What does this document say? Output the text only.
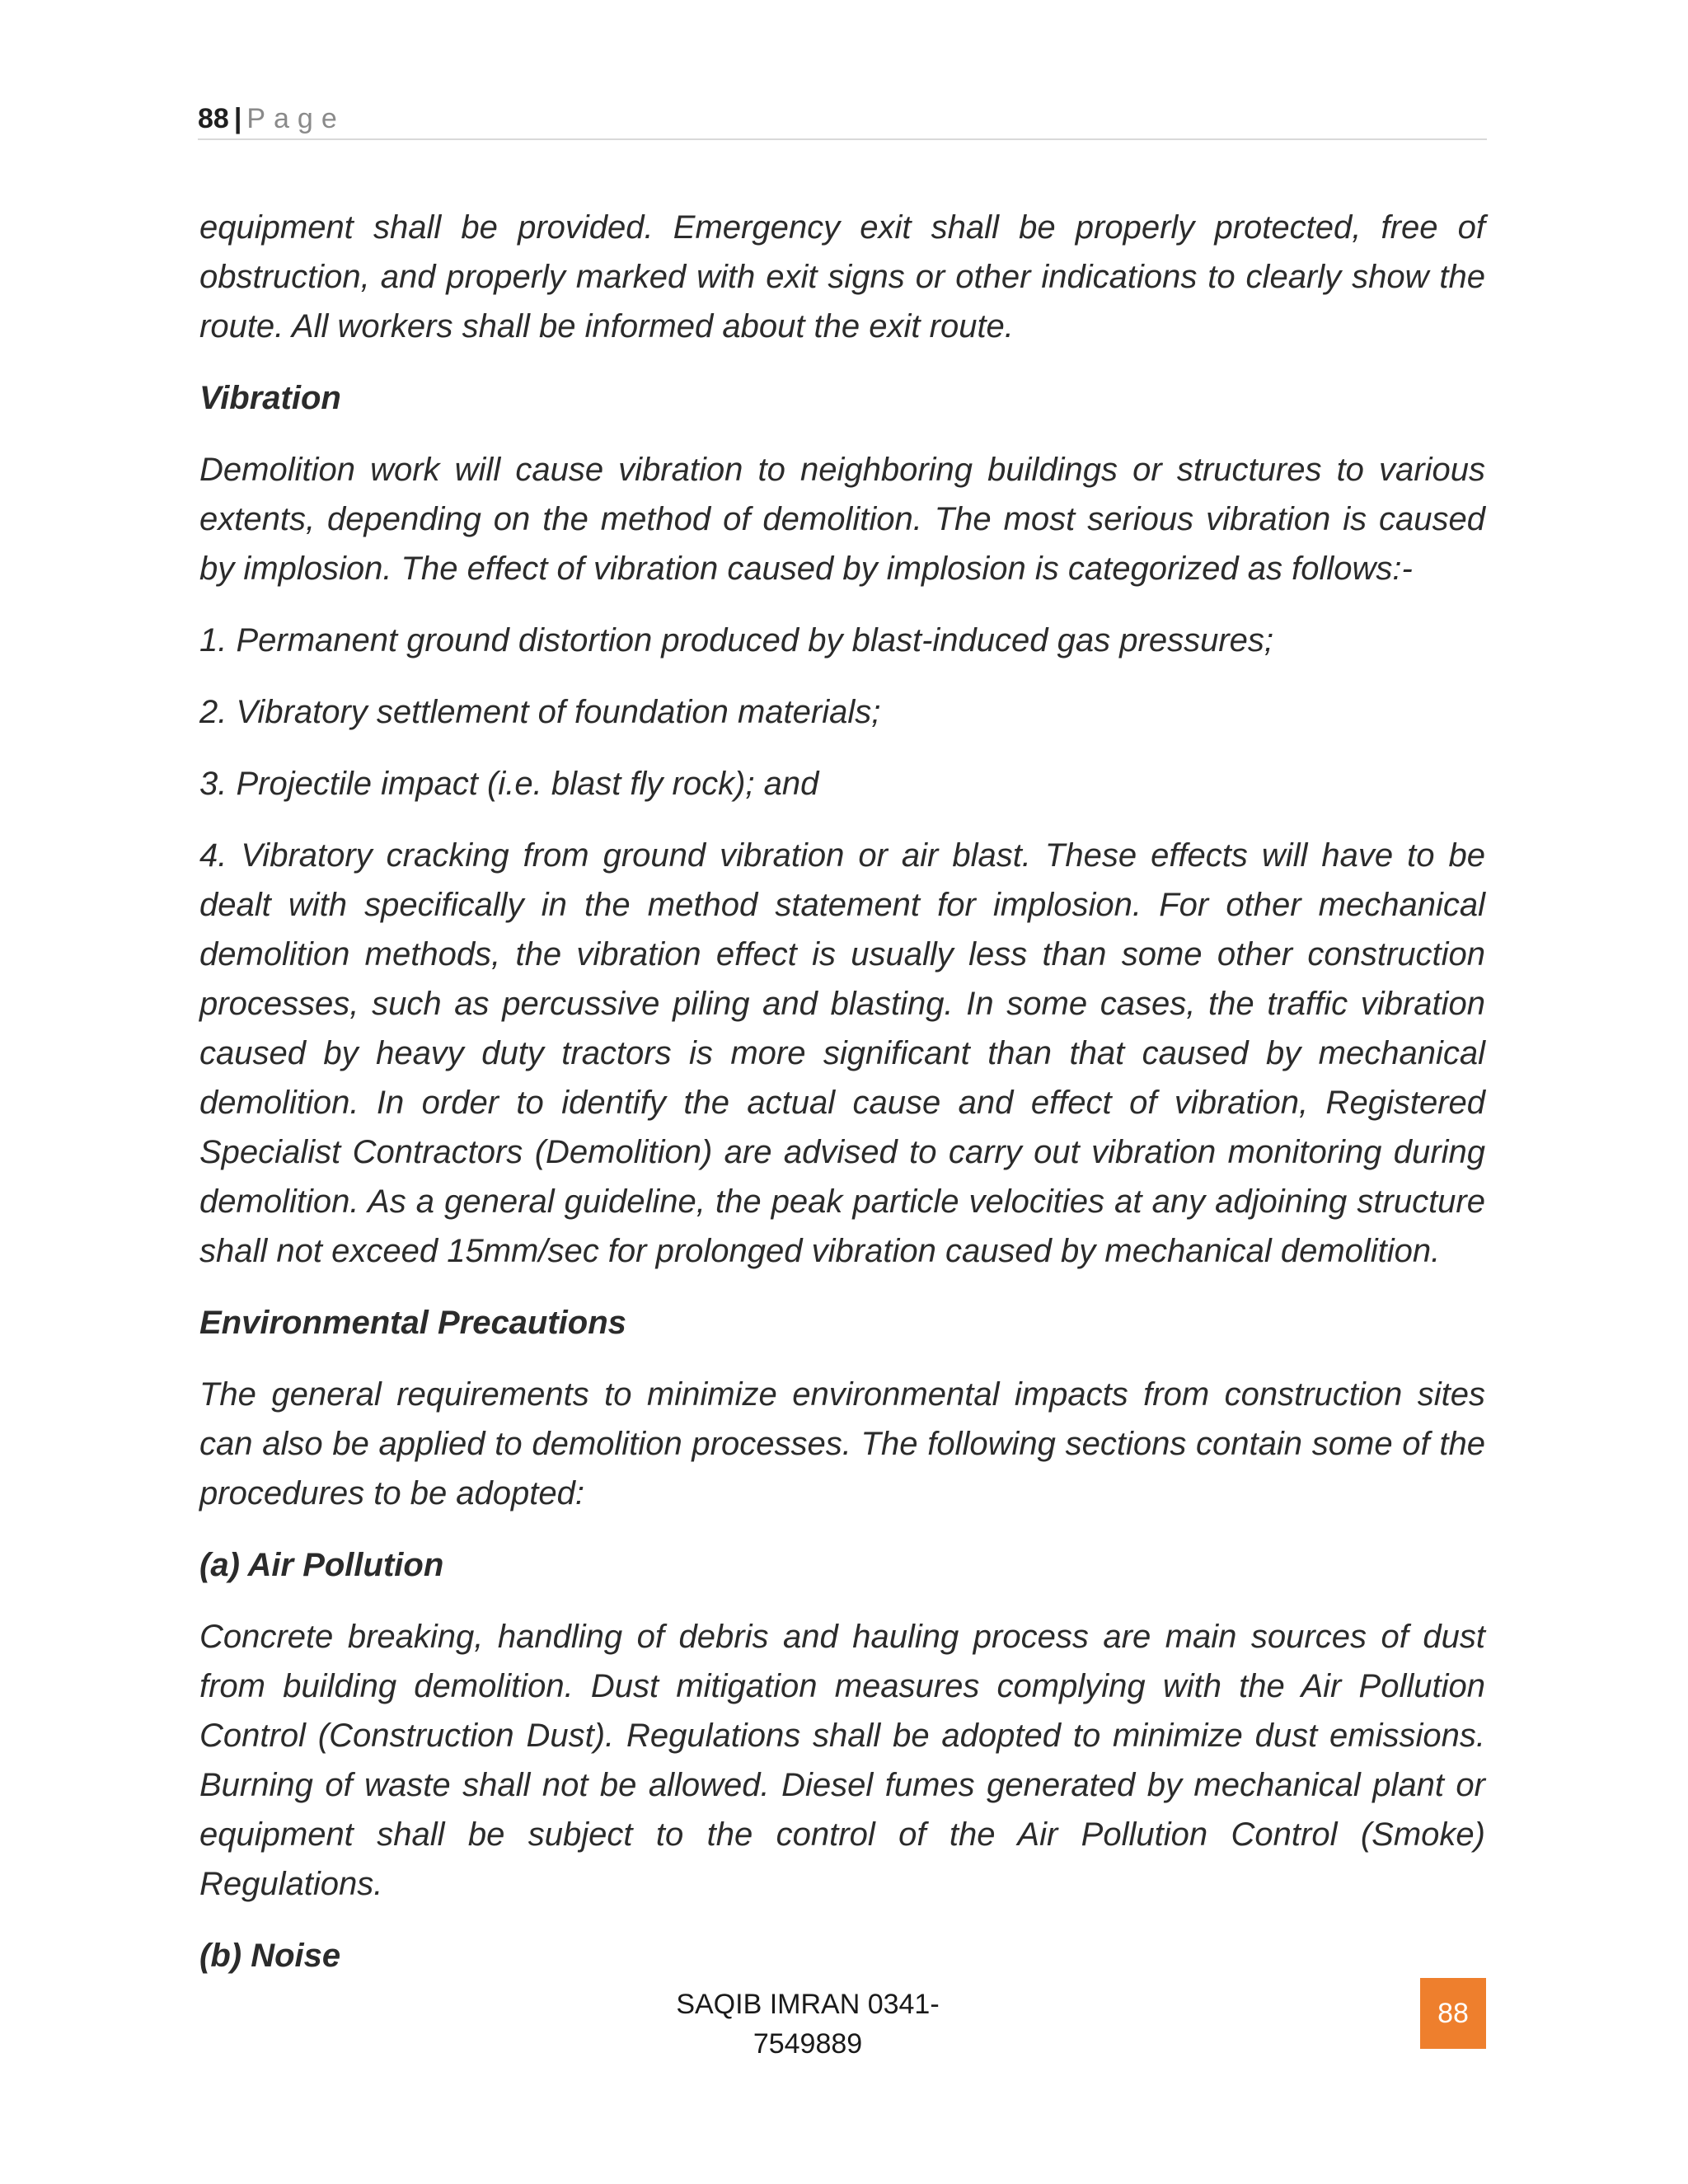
88 | Page

equipment shall be provided. Emergency exit shall be properly protected, free of obstruction, and properly marked with exit signs or other indications to clearly show the route. All workers shall be informed about the exit route.

Vibration

Demolition work will cause vibration to neighboring buildings or structures to various extents, depending on the method of demolition. The most serious vibration is caused by implosion. The effect of vibration caused by implosion is categorized as follows:-

1. Permanent ground distortion produced by blast-induced gas pressures;

2. Vibratory settlement of foundation materials;

3. Projectile impact (i.e. blast fly rock); and

4. Vibratory cracking from ground vibration or air blast. These effects will have to be dealt with specifically in the method statement for implosion. For other mechanical demolition methods, the vibration effect is usually less than some other construction processes, such as percussive piling and blasting. In some cases, the traffic vibration caused by heavy duty tractors is more significant than that caused by mechanical demolition. In order to identify the actual cause and effect of vibration, Registered Specialist Contractors (Demolition) are advised to carry out vibration monitoring during demolition. As a general guideline, the peak particle velocities at any adjoining structure shall not exceed 15mm/sec for prolonged vibration caused by mechanical demolition.

Environmental Precautions

The general requirements to minimize environmental impacts from construction sites can also be applied to demolition processes. The following sections contain some of the procedures to be adopted:

(a) Air Pollution

Concrete breaking, handling of debris and hauling process are main sources of dust from building demolition. Dust mitigation measures complying with the Air Pollution Control (Construction Dust). Regulations shall be adopted to minimize dust emissions. Burning of waste shall not be allowed. Diesel fumes generated by mechanical plant or equipment shall be subject to the control of the Air Pollution Control (Smoke) Regulations.

(b) Noise
SAQIB IMRAN 0341-7549889
88
